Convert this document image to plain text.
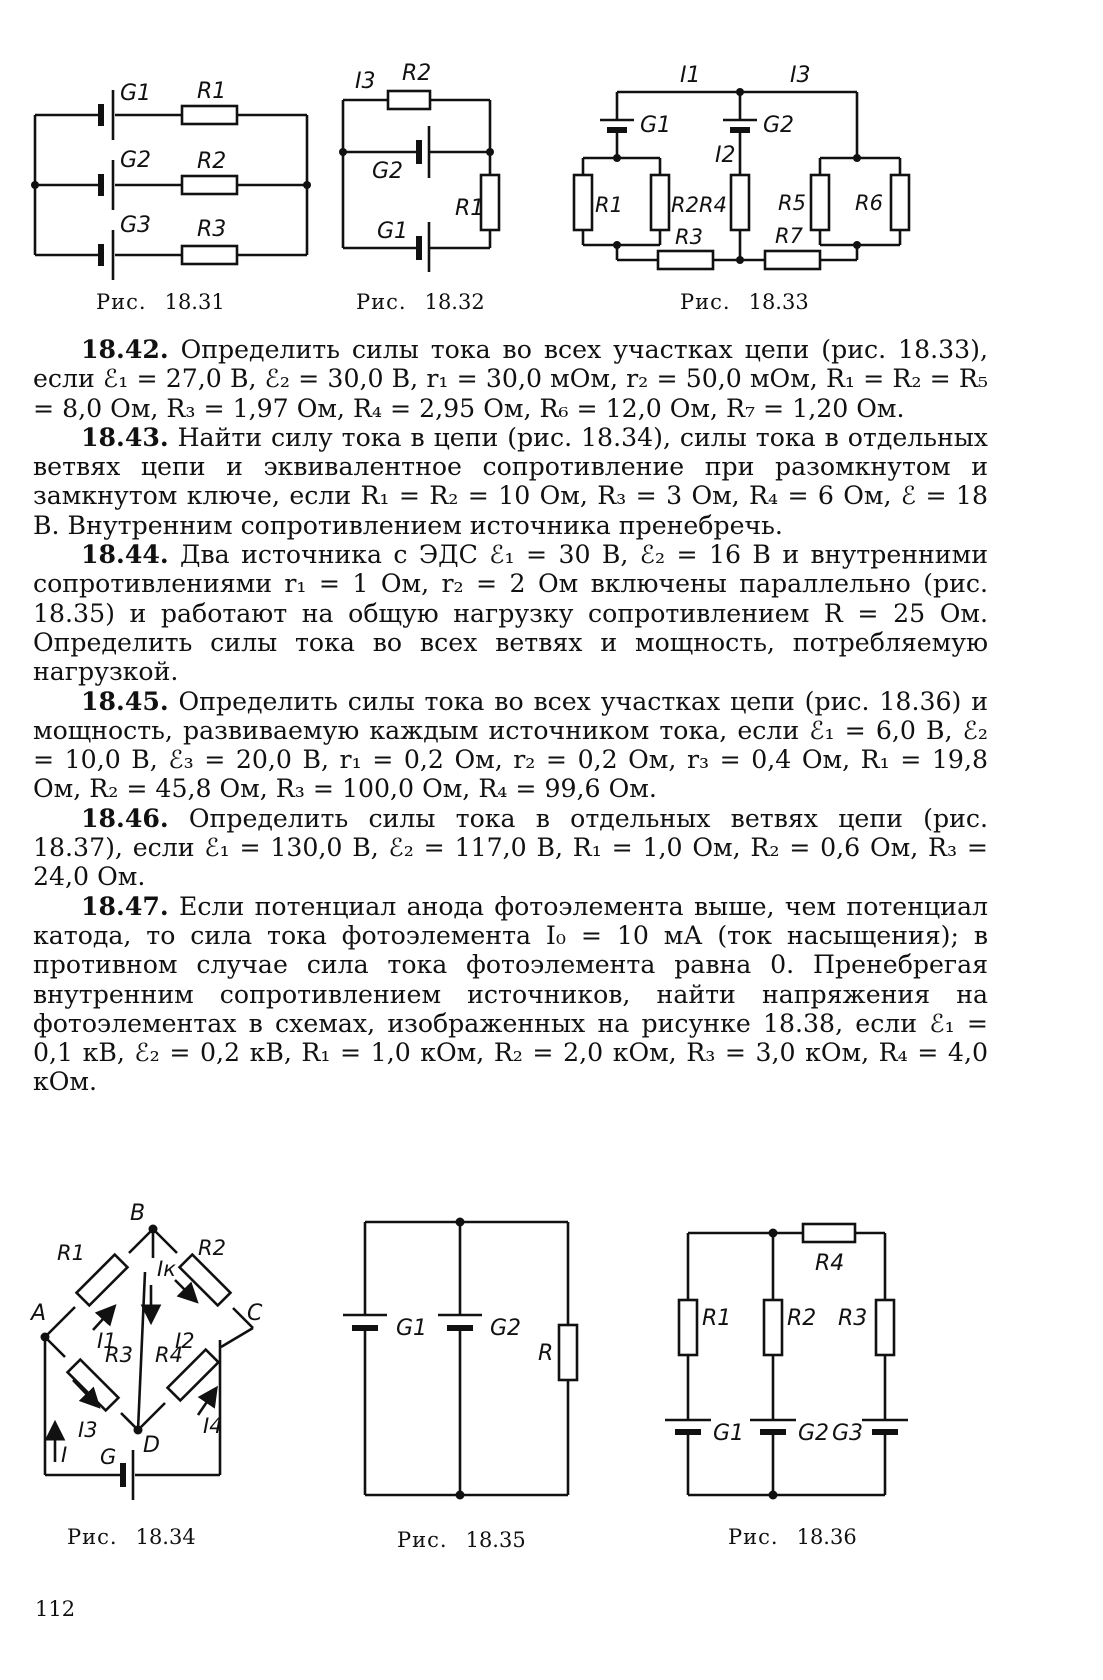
G1 R1
G2 R2
G3 R3
Рис. 18.31
I3 R2
G2
R1
G1
Рис. 18.32
I1	I3
G1	G2
I2
R1 R2 R4 R5 R6
R3	R7
Рис. 18.33

18.42. Определить силы тока во всех участках цепи (рис. 18.33), если ℰ₁ = 27,0 В, ℰ₂ = 30,0 В, r₁ = 30,0 мОм, r₂ = 50,0 мОм, R₁ = R₂ = R₅ = 8,0 Ом, R₃ = 1,97 Ом, R₄ = 2,95 Ом, R₆ = 12,0 Ом, R₇ = 1,20 Ом.

18.43. Найти силу тока в цепи (рис. 18.34), силы тока в отдельных ветвях цепи и эквивалентное сопротивление при разомкнутом и замкнутом ключе, если R₁ = R₂ = 10 Ом, R₃ = 3 Ом, R₄ = 6 Ом, ℰ = 18 В. Внутренним сопротивлением источника пренебречь.

18.44. Два источника с ЭДС ℰ₁ = 30 В, ℰ₂ = 16 В и внутренними сопротивлениями r₁ = 1 Ом, r₂ = 2 Ом включены параллельно (рис. 18.35) и работают на общую нагрузку сопротивлением R = 25 Ом. Определить силы тока во всех ветвях и мощность, потребляемую нагрузкой.

18.45. Определить силы тока во всех участках цепи (рис. 18.36) и мощность, развиваемую каждым источником тока, если ℰ₁ = 6,0 В, ℰ₂ = 10,0 В, ℰ₃ = 20,0 В, r₁ = 0,2 Ом, r₂ = 0,2 Ом, r₃ = 0,4 Ом, R₁ = 19,8 Ом, R₂ = 45,8 Ом, R₃ = 100,0 Ом, R₄ = 99,6 Ом.

18.46. Определить силы тока в отдельных ветвях цепи (рис. 18.37), если ℰ₁ = 130,0 В, ℰ₂ = 117,0 В, R₁ = 1,0 Ом, R₂ = 0,6 Ом, R₃ = 24,0 Ом.

18.47. Если потенциал анода фотоэлемента выше, чем потенциал катода, то сила тока фотоэлемента I₀ = 10 мА (ток насыщения); в противном случае сила тока фотоэлемента равна 0. Пренебрегая внутренним сопротивлением источников, найти напряжения на фотоэлементах в схемах, изображенных на рисунке 18.38, если ℰ₁ = 0,1 кВ, ℰ₂ = 0,2 кВ, R₁ = 1,0 кОм, R₂ = 2,0 кОм, R₃ = 3,0 кОм, R₄ = 4,0 кОм.

B
A	C
D
R1	R2
R3 R4
Iк
I1	I2
I3	I4
I G
Рис. 18.34
G1	G2
R
Рис. 18.35
R4
R1	R2 R3
G1 G2 G3
Рис. 18.36
112
